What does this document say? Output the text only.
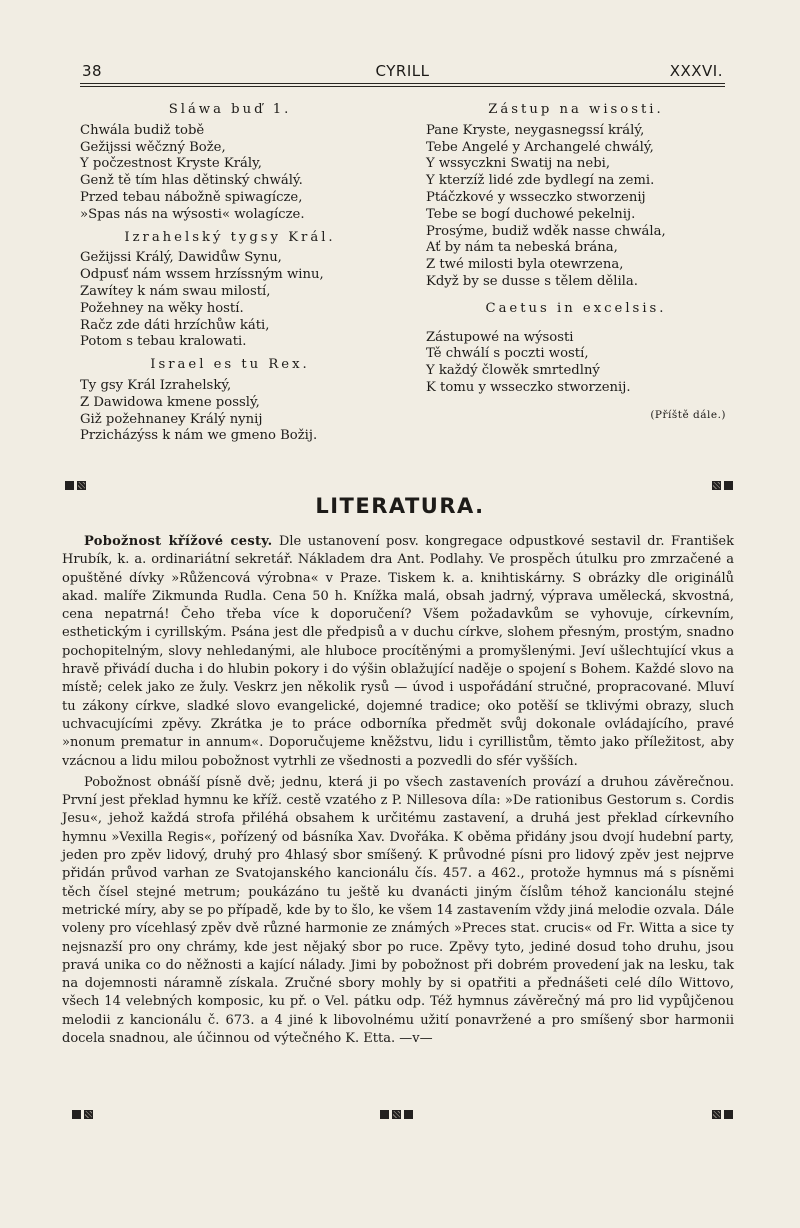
38	CYRILL	XXXVI.
Sláwa buď 1.
Chwála budiž tobě
Gežijssi wěčzný Bože,
Y počzestnost Kryste Krály,
Genž tě tím hlas dětinský chwálý.
Przed tebau nábožně spiwagícze,
»Spas nás na wýsosti« wolagícze.
Izrahelský tygsy Král.
Gežijssi Králý, Dawidůw Synu,
Odpusť nám wssem hrzíssným winu,
Zawítey k nám swau milostí,
Požehney na wěky hostí.
Račz zde dáti hrzíchůw káti,
Potom s tebau kralowati.
Israel es tu Rex.
Ty gsy Král Izrahelský,
Z Dawidowa kmene posslý,
Giž požehnaney Králý nynij
Przicházýss k nám we gmeno Božij.
Zástup na wisosti.
Pane Kryste, neygasnegssí králý,
Tebe Angelé y Archangelé chwálý,
Y wssyczkni Swatij na nebi,
Y kterzíž lidé zde bydlegí na zemi.
Ptáčzkové y wsseczko stworzenij
Tebe se bogí duchowé pekelnij.
Prosýme, budiž wděk nasse chwála,
Ať by nám ta nebeská brána,
Z twé milosti byla otewrzena,
Když by se dusse s tělem dělila.
Caetus in excelsis.
Zástupowé na wýsosti
Tě chwálí s poczti wostí,
Y každý člowěk smrtedlný
K tomu y wsseczko stworzenij.
(Příště dále.)
LITERATURA.

Pobožnost křížové cesty. Dle ustanovení posv. kongregace odpustkové sestavil dr. František Hrubík, k. a. ordinariátní sekretář. Nákladem dra Ant. Podlahy. Ve prospěch útulku pro zmrzačené a opuštěné dívky »Růžencová výrobna« v Praze. Tiskem k. a. knihtiskárny. S obrázky dle originálů akad. malíře Zikmunda Rudla. Cena 50 h. Knížka malá, obsah jadrný, výprava umělecká, skvostná, cena nepatrná! Čeho třeba více k doporučení? Všem požadavkům se vyhovuje, církevním, esthetickým i cyrillským. Psána jest dle předpisů a v duchu církve, slohem přesným, prostým, snadno pochopitelným, slovy nehledanými, ale hluboce procítěnými a promyšlenými. Jeví ušlechtující vkus a hravě přivádí ducha i do hlubin pokory i do výšin oblažující naděje o spojení s Bohem. Každé slovo na místě; celek jako ze žuly. Veskrz jen několik rysů — úvod i uspořádání stručné, propracované. Mluví tu zákony církve, sladké slovo evangelické, dojemné tradice; oko potěší se tklivými obrazy, sluch uchvacujícími zpěvy. Zkrátka je to práce odborníka předmět svůj dokonale ovládajícího, pravé »nonum prematur in annum«. Doporučujeme kněžstvu, lidu i cyrillistům, těmto jako příležitost, aby vzácnou a lidu milou pobožnost vytrhli ze všednosti a pozvedli do sfér vyšších.

Pobožnost obnáší písně dvě; jednu, která ji po všech zastaveních provází a druhou závěrečnou. První jest překlad hymnu ke kříž. cestě vzatého z P. Nillesova díla: »De rationibus Gestorum s. Cordis Jesu«, jehož každá strofa přiléhá obsahem k určitému zastavení, a druhá jest překlad církevního hymnu »Vexilla Regis«, pořízený od básníka Xav. Dvořáka. K oběma přidány jsou dvojí hudební party, jeden pro zpěv lidový, druhý pro 4hlasý sbor smíšený. K průvodné písni pro lidový zpěv jest nejprve přidán průvod varhan ze Svatojanského kancionálu čís. 457. a 462., protože hymnus má s písněmi těch čísel stejné metrum; poukázáno tu ještě ku dvanácti jiným číslům téhož kancionálu stejné metrické míry, aby se po případě, kde by to šlo, ke všem 14 zastavením vždy jiná melodie ozvala. Dále voleny pro vícehlasý zpěv dvě různé harmonie ze známých »Preces stat. crucis« od Fr. Witta a sice ty nejsnazší pro ony chrámy, kde jest nějaký sbor po ruce. Zpěvy tyto, jediné dosud toho druhu, jsou pravá unika co do něžnosti a kající nálady. Jimi by pobožnost při dobrém provedení jak na lesku, tak na dojemnosti náramně získala. Zručné sbory mohly by si opatřiti a přednášeti celé dílo Wittovo, všech 14 velebných komposic, ku př. o Vel. pátku odp. Též hymnus závěrečný má pro lid vypůjčenou melodii z kancionálu č. 673. a 4 jiné k libovolnému užití ponavržené a pro smíšený sbor harmonii docela snadnou, ale účinnou od výtečného K. Etta. —v—
